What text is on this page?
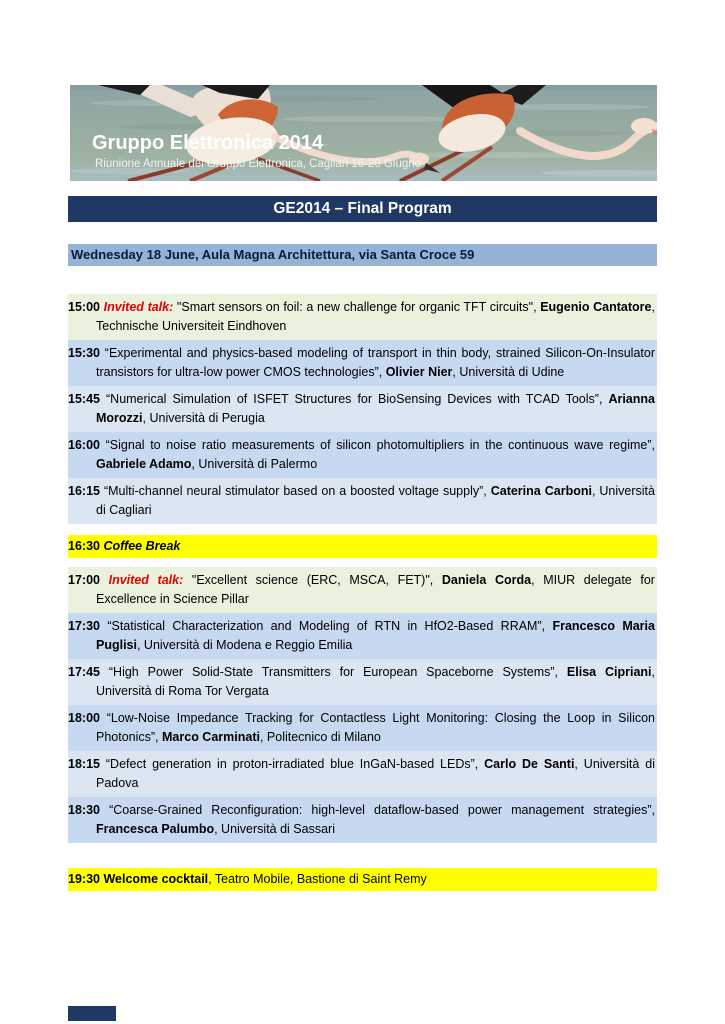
Gruppo Elettronica 2014
Riunione Annuale del Gruppo Elettronica, Cagliari 16-20 Giugno
GE2014 – Final Program
Wednesday 18 June, Aula Magna Architettura, via Santa Croce 59

15:00 Invited talk: "Smart sensors on foil: a new challenge for organic TFT circuits", Eugenio Cantatore, Technische Universiteit Eindhoven

15:30 “Experimental and physics-based modeling of transport in thin body, strained Silicon-On-Insulator transistors for ultra-low power CMOS technologies”, Olivier Nier, Università di Udine

15:45 “Numerical Simulation of ISFET Structures for BioSensing Devices with TCAD Tools”, Arianna Morozzi, Università di Perugia

16:00 “Signal to noise ratio measurements of silicon photomultipliers in the continuous wave regime”, Gabriele Adamo, Università di Palermo

16:15 “Multi-channel neural stimulator based on a boosted voltage supply”, Caterina Carboni, Università di Cagliari

16:30 Coffee Break

17:00 Invited talk: "Excellent science (ERC, MSCA, FET)", Daniela Corda, MIUR delegate for Excellence in Science Pillar

17:30 “Statistical Characterization and Modeling of RTN in HfO2-Based RRAM”, Francesco Maria Puglisi, Università di Modena e Reggio Emilia

17:45 “High Power Solid-State Transmitters for European Spaceborne Systems”, Elisa Cipriani, Università di Roma Tor Vergata

18:00 “Low-Noise Impedance Tracking for Contactless Light Monitoring: Closing the Loop in Silicon Photonics”, Marco Carminati, Politecnico di Milano

18:15 “Defect generation in proton-irradiated blue InGaN-based LEDs”, Carlo De Santi, Università di Padova

18:30 “Coarse-Grained Reconfiguration: high-level dataflow-based power management strategies”, Francesca Palumbo, Università di Sassari

19:30 Welcome cocktail, Teatro Mobile, Bastione di Saint Remy
